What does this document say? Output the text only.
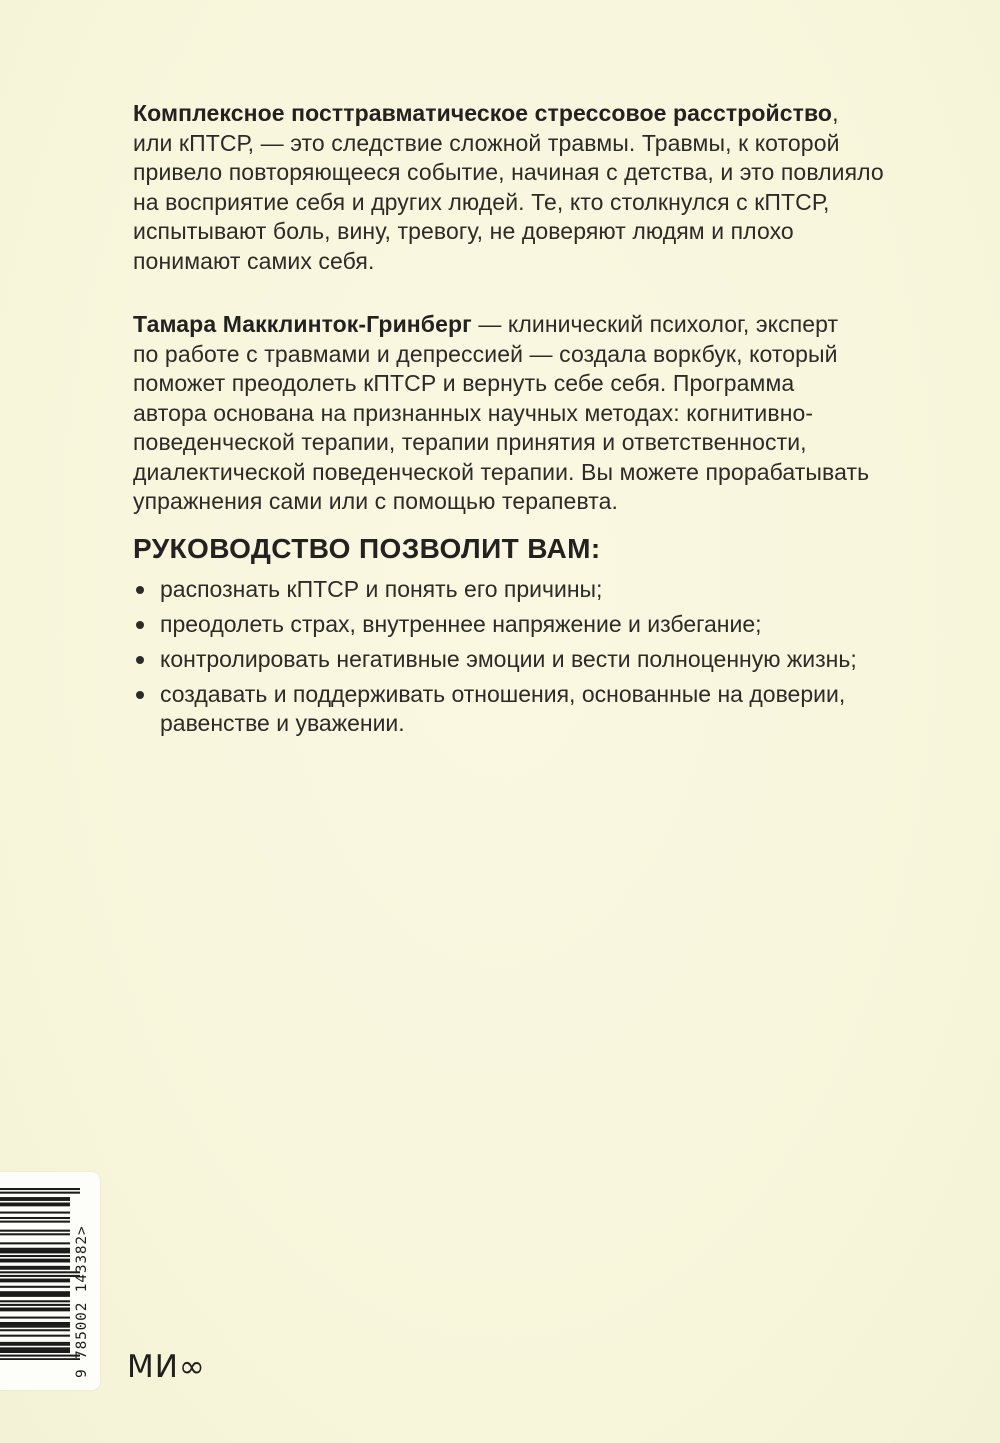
Комплексное посттравматическое стрессовое расстройство,
или кПТСР, — это следствие сложной травмы. Травмы, к которой
привело повторяющееся событие, начиная с детства, и это повлияло
на восприятие себя и других людей. Те, кто столкнулся с кПТСР,
испытывают боль, вину, тревогу, не доверяют людям и плохо
понимают самих себя.
Тамара Макклинток-Гринберг — клинический психолог, эксперт
по работе с травмами и депрессией — создала воркбук, который
поможет преодолеть кПТСР и вернуть себе себя. Программа
автора основана на признанных научных методах: когнитивно-
поведенческой терапии, терапии принятия и ответственности,
диалектической поведенческой терапии. Вы можете прорабатывать
упражнения сами или с помощью терапевта.
РУКОВОДСТВО ПОЗВОЛИТ ВАМ:
распознать кПТСР и понять его причины;
преодолеть страх, внутреннее напряжение и избегание;
контролировать негативные эмоции и вести полноценную жизнь;
создавать и поддерживать отношения, основанные на доверии,
равенстве и уважении.
9 785002 143382> МИ∞
